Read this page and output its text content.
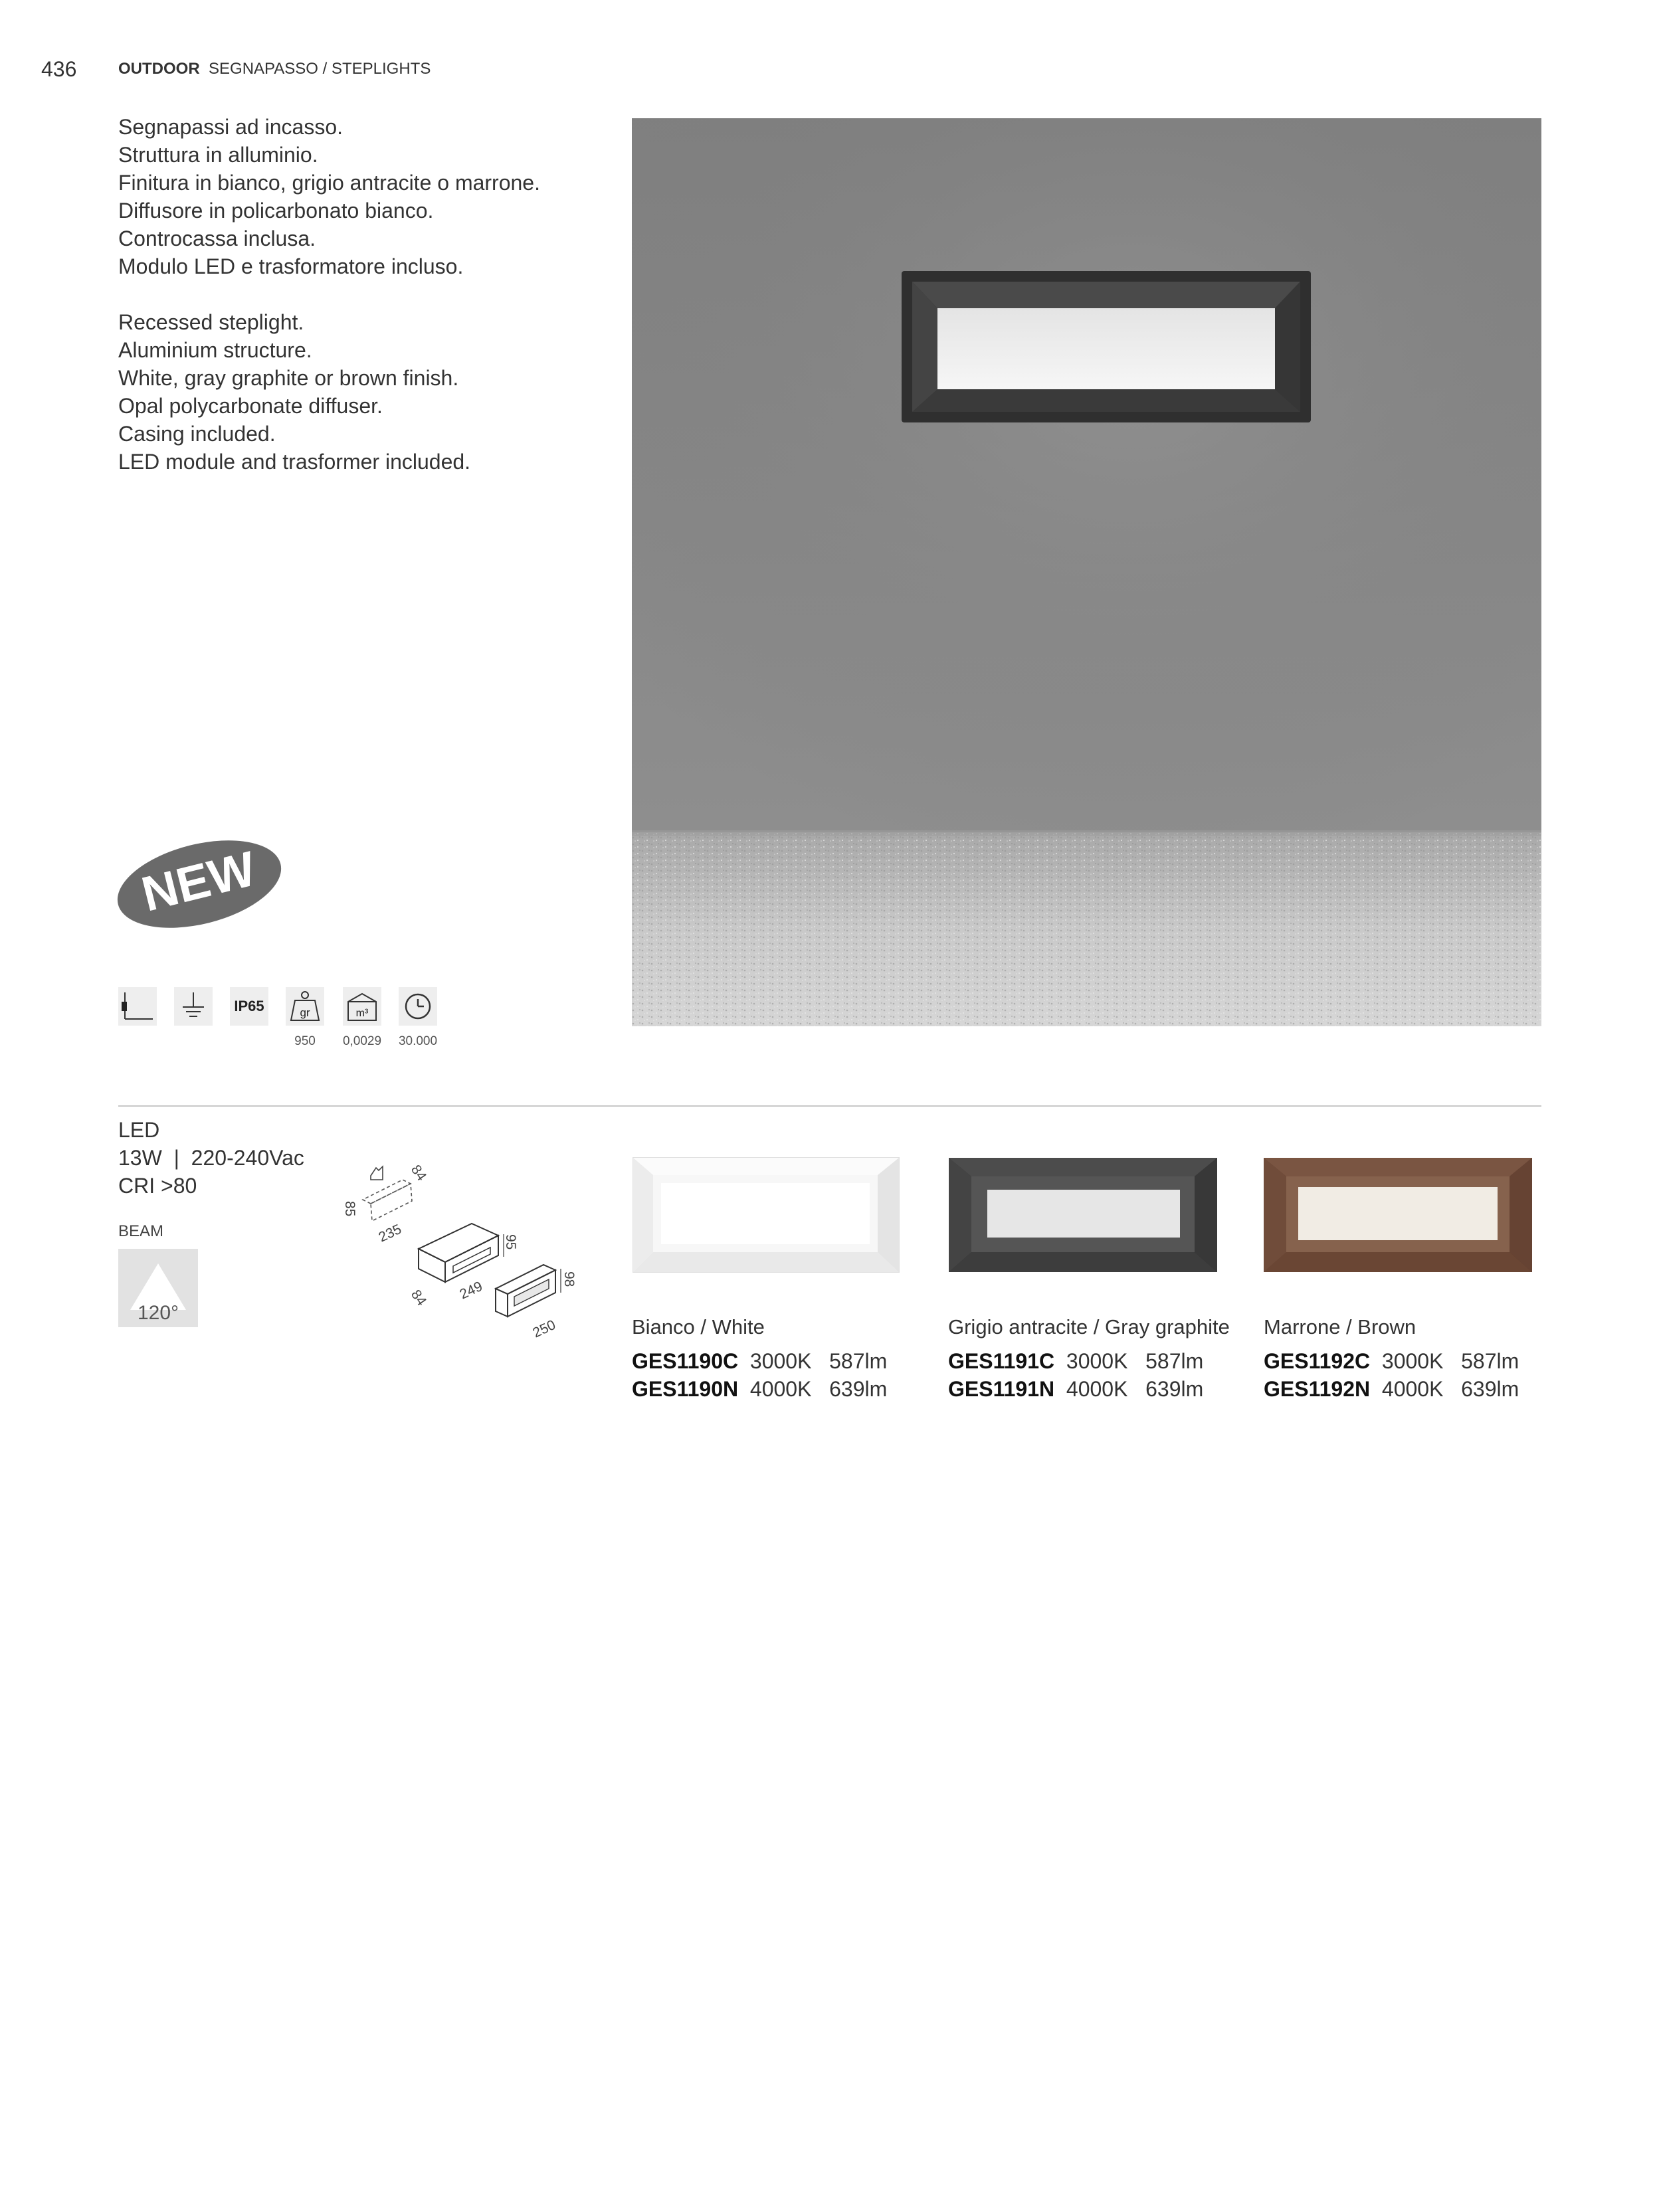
436	OUTDOOR SEGNAPASSO / STEPLIGHTS
Segnapassi ad incasso.
Struttura in alluminio.
Finitura in bianco, grigio antracite o marrone.
Diffusore in policarbonato bianco.
Controcassa inclusa.
Modulo LED e trasformatore incluso.
Recessed steplight.
Aluminium structure.
White, gray graphite or brown finish.
Opal polycarbonate diffuser.
Casing included.
LED module and trasformer included.
NEW
IP65	gr	m³
950	0,0029	30.000
LED
13W  |  220-240Vac
CRI >80
BEAM
120°
84
85
235	95
84 249	98
250	Bianco / White	Grigio antracite / Gray graphite Marrone / Brown
GES1190C 3000K 587lm
GES1190N 4000K 639lm
GES1191C 3000K 587lm
GES1191N 4000K 639lm
GES1192C 3000K 587lm
GES1192N 4000K 639lm
